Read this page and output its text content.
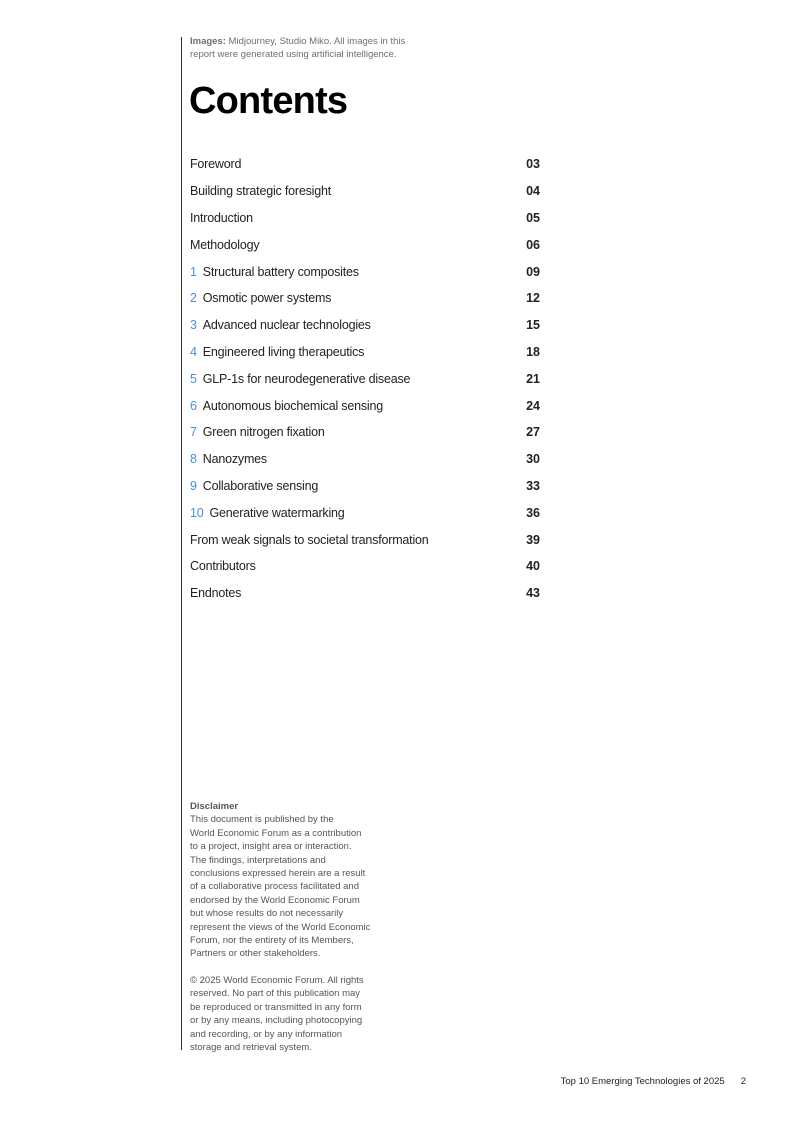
Images: Midjourney, Studio Miko. All images in this report were generated using artificial intelligence.
Contents
Foreword	03
Building strategic foresight	04
Introduction	05
Methodology	06
1 Structural battery composites	09
2 Osmotic power systems	12
3 Advanced nuclear technologies	15
4 Engineered living therapeutics	18
5 GLP-1s for neurodegenerative disease	21
6 Autonomous biochemical sensing	24
7 Green nitrogen fixation	27
8 Nanozymes	30
9 Collaborative sensing	33
10 Generative watermarking	36
From weak signals to societal transformation	39
Contributors	40
Endnotes	43

Disclaimer

This document is published by the

World Economic Forum as a contribution

to a project, insight area or interaction.

The findings, interpretations and

conclusions expressed herein are a result

of a collaborative process facilitated and

endorsed by the World Economic Forum

but whose results do not necessarily

represent the views of the World Economic

Forum, nor the entirety of its Members,

Partners or other stakeholders.

© 2025 World Economic Forum. All rights

reserved. No part of this publication may

be reproduced or transmitted in any form

or by any means, including photocopying

and recording, or by any information

storage and retrieval system.

Top 10 Emerging Technologies of 2025 2
